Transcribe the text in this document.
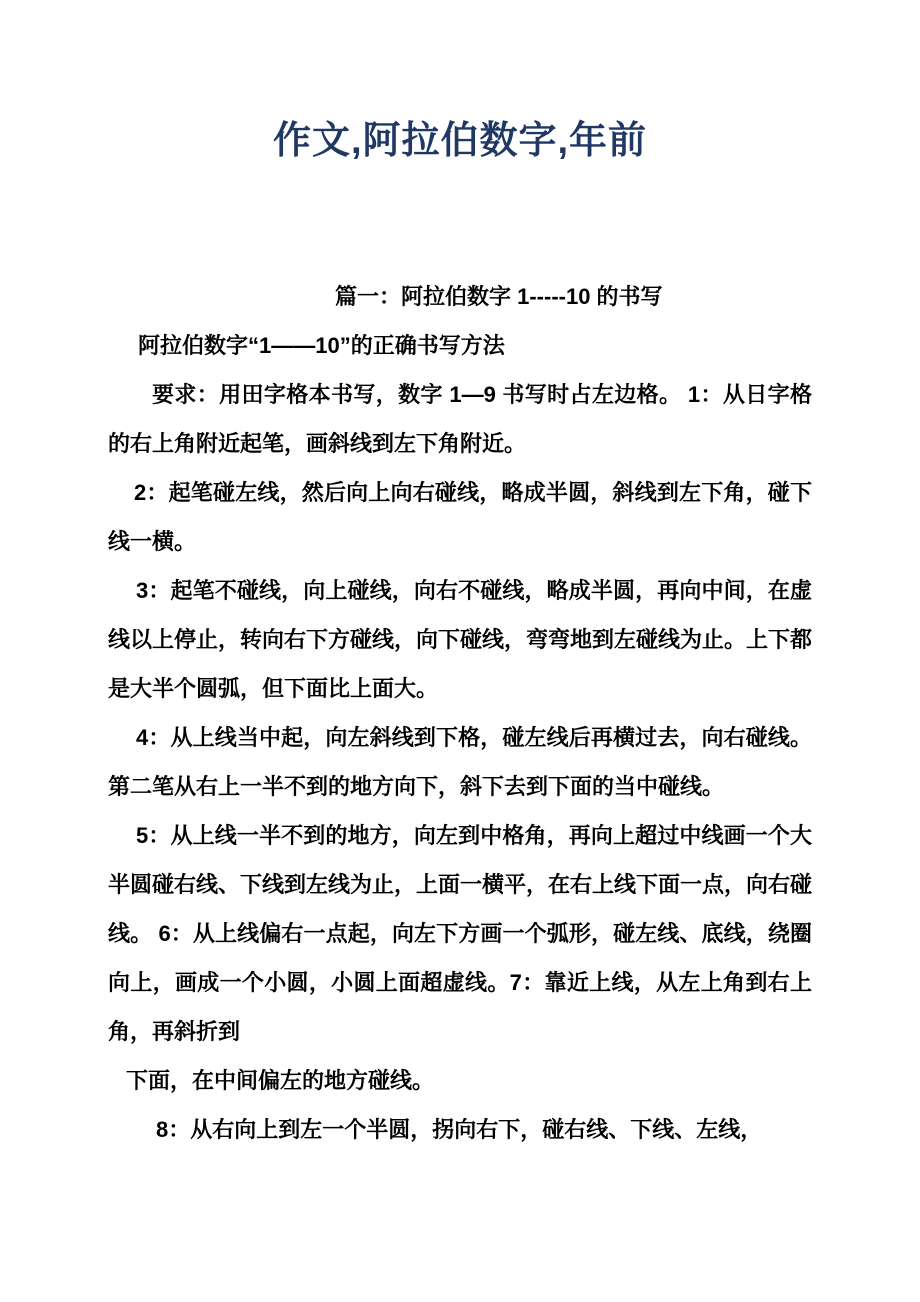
作文,阿拉伯数字,年前

篇一：阿拉伯数字 1-----10 的书写

阿拉伯数字“1——10”的正确书写方法

要求：用田字格本书写，数字 1—9 书写时占左边格。 1：从日字格的右上角附近起笔，画斜线到左下角附近。

2：起笔碰左线，然后向上向右碰线，略成半圆，斜线到左下角，碰下线一横。

3：起笔不碰线，向上碰线，向右不碰线，略成半圆，再向中间，在虚线以上停止，转向右下方碰线，向下碰线，弯弯地到左碰线为止。上下都是大半个圆弧，但下面比上面大。

4：从上线当中起，向左斜线到下格，碰左线后再横过去，向右碰线。第二笔从右上一半不到的地方向下，斜下去到下面的当中碰线。

5：从上线一半不到的地方，向左到中格角，再向上超过中线画一个大半圆碰右线、下线到左线为止，上面一横平，在右上线下面一点，向右碰线。 6：从上线偏右一点起，向左下方画一个弧形，碰左线、底线，绕圈向上，画成一个小圆，小圆上面超虚线。7：靠近上线，从左上角到右上角，再斜折到

下面，在中间偏左的地方碰线。

8：从右向上到左一个半圆，拐向右下，碰右线、下线、左线，
